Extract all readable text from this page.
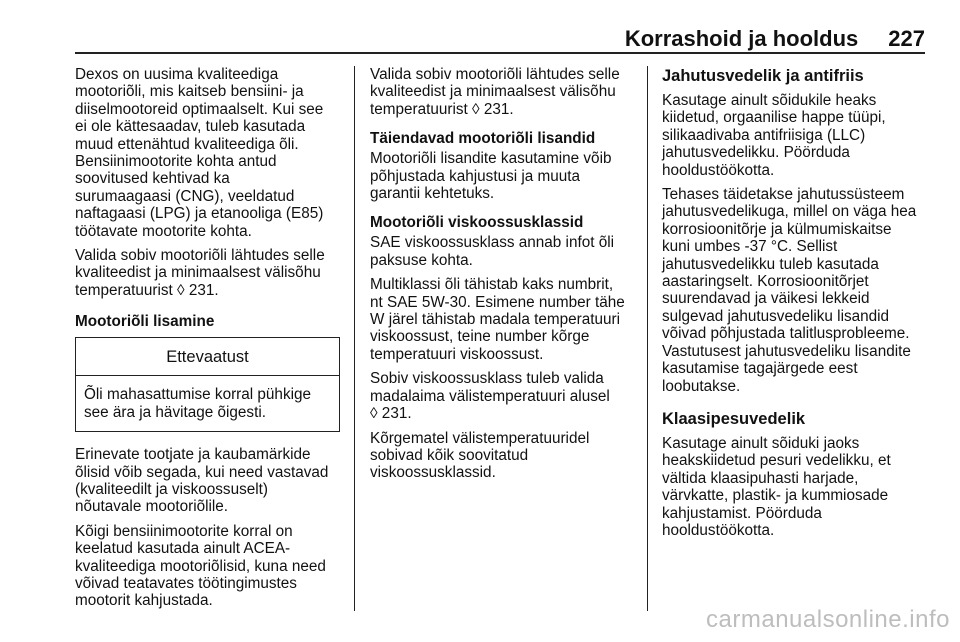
Korrashoid ja hooldus 227

Dexos on uusima kvaliteediga
mootoriõli, mis kaitseb bensiini- ja
diiselmootoreid optimaalselt. Kui see
ei ole kättesaadav, tuleb kasutada
muud ettenähtud kvaliteediga õli.
Bensiinimootorite kohta antud
soovitused kehtivad ka
surumaagaasi (CNG), veeldatud
naftagaasi (LPG) ja etanooliga (E85)
töötavate mootorite kohta.

Valida sobiv mootoriõli lähtudes selle
kvaliteedist ja minimaalsest välisõhu
temperatuurist ◊ 231.

Mootoriõli lisamine
Ettevaatust
Õli mahasattumise korral pühkige
see ära ja hävitage õigesti.

Erinevate tootjate ja kaubamärkide
õlisid võib segada, kui need vastavad
(kvaliteedilt ja viskoossuselt)
nõutavale mootoriõlile.

Kõigi bensiinimootorite korral on
keelatud kasutada ainult ACEA-
kvaliteediga mootoriõlisid, kuna need
võivad teatavates töötingimustes
mootorit kahjustada.

Valida sobiv mootoriõli lähtudes selle
kvaliteedist ja minimaalsest välisõhu
temperatuurist ◊ 231.

Täiendavad mootoriõli lisandid

Mootoriõli lisandite kasutamine võib
põhjustada kahjustusi ja muuta
garantii kehtetuks.

Mootoriõli viskoossusklassid

SAE viskoossusklass annab infot õli
paksuse kohta.

Multiklassi õli tähistab kaks numbrit,
nt SAE 5W-30. Esimene number tähe
W järel tähistab madala temperatuuri
viskoossust, teine number kõrge
temperatuuri viskoossust.

Sobiv viskoossusklass tuleb valida
madalaima välistemperatuuri alusel
◊ 231.

Kõrgematel välistemperatuuridel
sobivad kõik soovitatud
viskoossusklassid.

Jahutusvedelik ja antifriis

Kasutage ainult sõidukile heaks
kiidetud, orgaanilise happe tüüpi,
silikaadivaba antifriisiga (LLC)
jahutusvedelikku. Pöörduda
hooldustöökotta.

Tehases täidetakse jahutussüsteem
jahutusvedelikuga, millel on väga hea
korrosioonitõrje ja külmumiskaitse
kuni umbes -37 °C. Sellist
jahutusvedelikku tuleb kasutada
aastaringselt. Korrosioonitõrjet
suurendavad ja väikesi lekkeid
sulgevad jahutusvedeliku lisandid
võivad põhjustada talitlusprobleeme.
Vastutusest jahutusvedeliku lisandite
kasutamise tagajärgede eest
loobutakse.

Klaasipesuvedelik

Kasutage ainult sõiduki jaoks
heakskiidetud pesuri vedelikku, et
vältida klaasipuhasti harjade,
värvkatte, plastik- ja kummiosade
kahjustamist. Pöörduda
hooldustöökotta.

carmanualsonline.info
